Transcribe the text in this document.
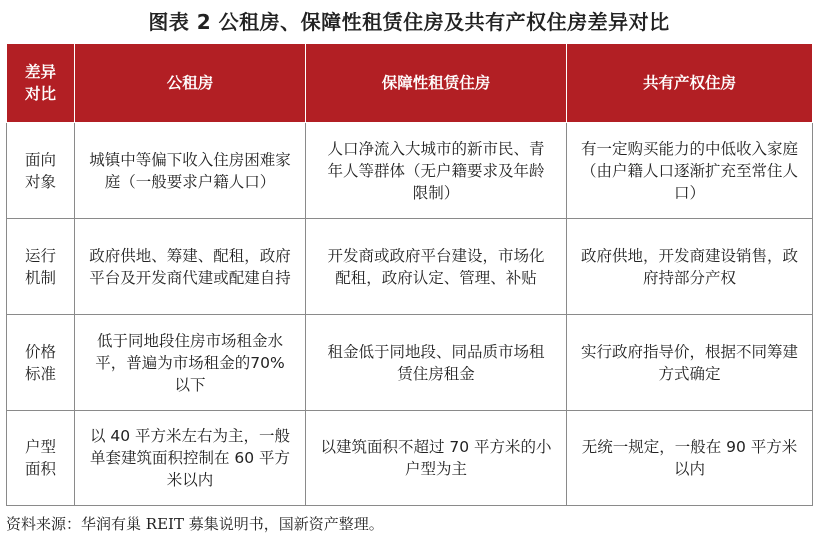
图表 2 公租房、保障性租赁住房及共有产权住房差异对比
差异
对比	公租房	保障性租赁住房	共有产权住房
面向
对象	城镇中等偏下收入住房困难家庭（一般要求户籍人口）	人口净流入大城市的新市民、青年人等群体（无户籍要求及年龄限制）	有一定购买能力的中低收入家庭（由户籍人口逐渐扩充至常住人口）
运行
机制	政府供地、筹建、配租，政府平台及开发商代建或配建自持	开发商或政府平台建设，市场化配租，政府认定、管理、补贴	政府供地，开发商建设销售，政府持部分产权
价格
标准	低于同地段住房市场租金水平，普遍为市场租金的70% 以下	租金低于同地段、同品质市场租赁住房租金	实行政府指导价，根据不同筹建方式确定
户型
面积	以 40 平方米左右为主，一般单套建筑面积控制在 60 平方米以内	以建筑面积不超过 70 平方米的小户型为主	无统一规定，一般在 90 平方米以内
资料来源：华润有巢 REIT 募集说明书，国新资产整理。
